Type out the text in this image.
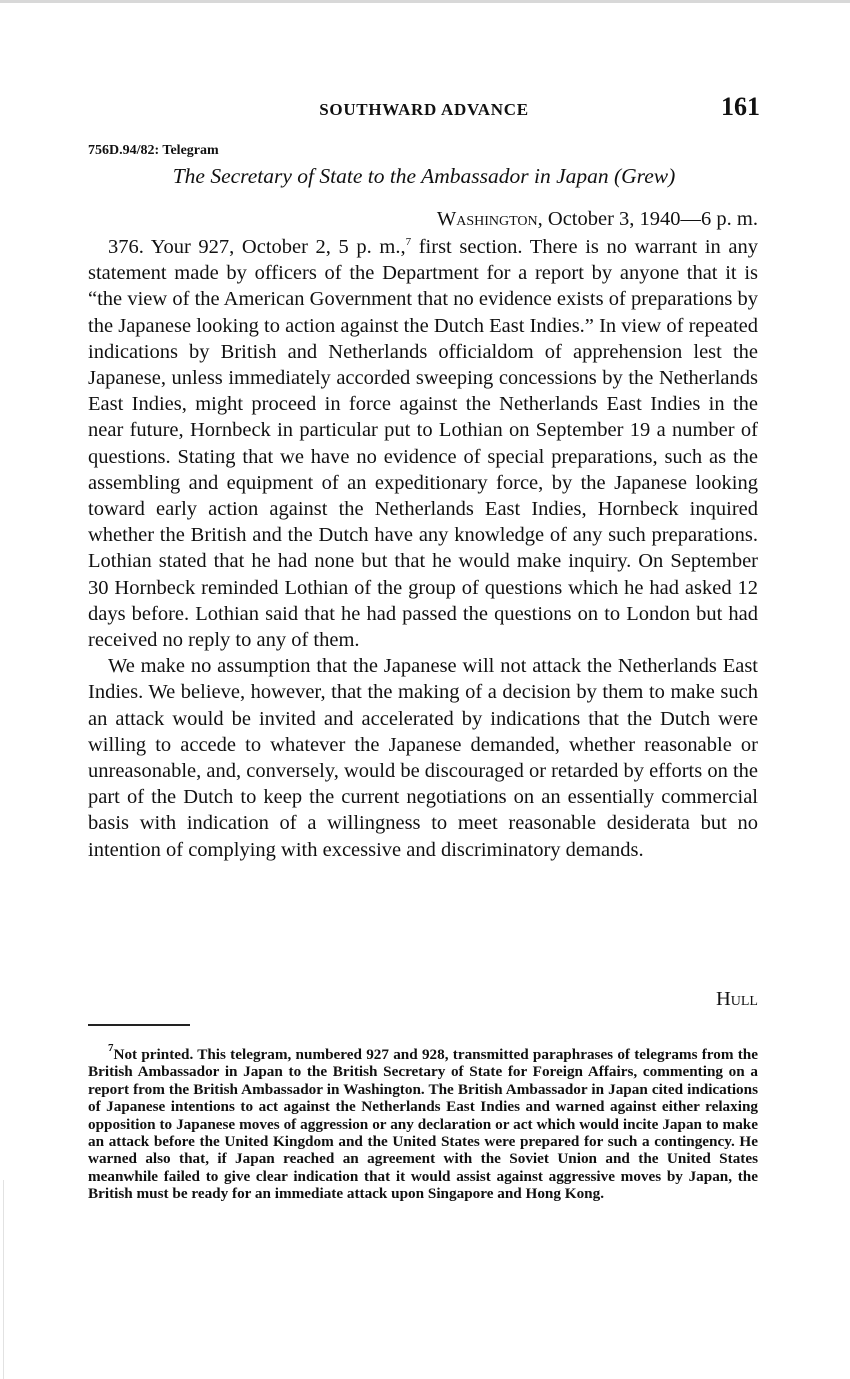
SOUTHWARD ADVANCE	161
756D.94/82: Telegram
The Secretary of State to the Ambassador in Japan (Grew)
Washington, October 3, 1940—6 p. m.

376. Your 927, October 2, 5 p. m.,$^7$ first section. There is no warrant in any statement made by officers of the Department for a report by anyone that it is “the view of the American Government that no evidence exists of preparations by the Japanese looking to action against the Dutch East Indies.” In view of repeated indications by British and Netherlands officialdom of apprehension lest the Japanese, unless immediately accorded sweeping concessions by the Netherlands East Indies, might proceed in force against the Netherlands East Indies in the near future, Hornbeck in particular put to Lothian on September 19 a number of questions. Stating that we have no evidence of special preparations, such as the assembling and equipment of an expeditionary force, by the Japanese looking toward early action against the Netherlands East Indies, Hornbeck inquired whether the British and the Dutch have any knowledge of any such preparations. Lothian stated that he had none but that he would make inquiry. On September 30 Hornbeck reminded Lothian of the group of questions which he had asked 12 days before. Lothian said that he had passed the questions on to London but had received no reply to any of them.

We make no assumption that the Japanese will not attack the Netherlands East Indies. We believe, however, that the making of a decision by them to make such an attack would be invited and accelerated by indications that the Dutch were willing to accede to whatever the Japanese demanded, whether reasonable or unreasonable, and, conversely, would be discouraged or retarded by efforts on the part of the Dutch to keep the current negotiations on an essentially commercial basis with indication of a willingness to meet reasonable desiderata but no intention of complying with excessive and discriminatory demands.

Hull

$^7$Not printed. This telegram, numbered 927 and 928, transmitted paraphrases of telegrams from the British Ambassador in Japan to the British Secretary of State for Foreign Affairs, commenting on a report from the British Ambassador in Washington. The British Ambassador in Japan cited indications of Japanese intentions to act against the Netherlands East Indies and warned against either relaxing opposition to Japanese moves of aggression or any declaration or act which would incite Japan to make an attack before the United Kingdom and the United States were prepared for such a contingency. He warned also that, if Japan reached an agreement with the Soviet Union and the United States meanwhile failed to give clear indication that it would assist against aggressive moves by Japan, the British must be ready for an immediate attack upon Singapore and Hong Kong.
